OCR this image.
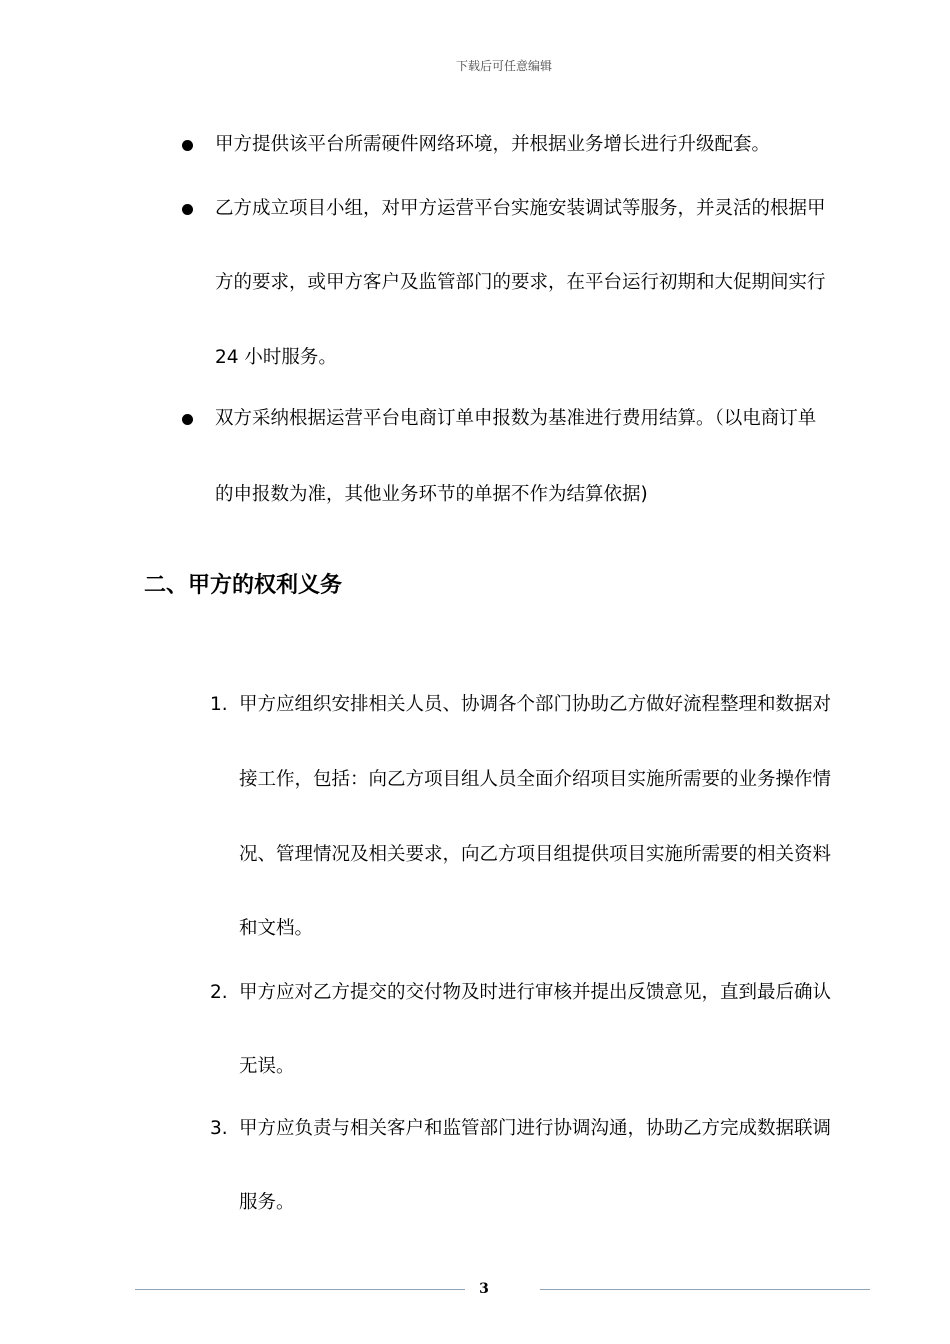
下载后可任意编辑
甲方提供该平台所需硬件网络环境，并根据业务增长进行升级配套。
乙方成立项目小组，对甲方运营平台实施安装调试等服务，并灵活的根据甲
方的要求，或甲方客户及监管部门的要求，在平台运行初期和大促期间实行
24 小时服务。
双方采纳根据运营平台电商订单申报数为基准进行费用结算。（以电商订单
的申报数为准，其他业务环节的单据不作为结算依据)
二、甲方的权利义务
1. 甲方应组织安排相关人员、协调各个部门协助乙方做好流程整理和数据对
接工作，包括：向乙方项目组人员全面介绍项目实施所需要的业务操作情
况、管理情况及相关要求，向乙方项目组提供项目实施所需要的相关资料
和文档。
2. 甲方应对乙方提交的交付物及时进行审核并提出反馈意见，直到最后确认
无误。
3. 甲方应负责与相关客户和监管部门进行协调沟通，协助乙方完成数据联调
服务。
3
